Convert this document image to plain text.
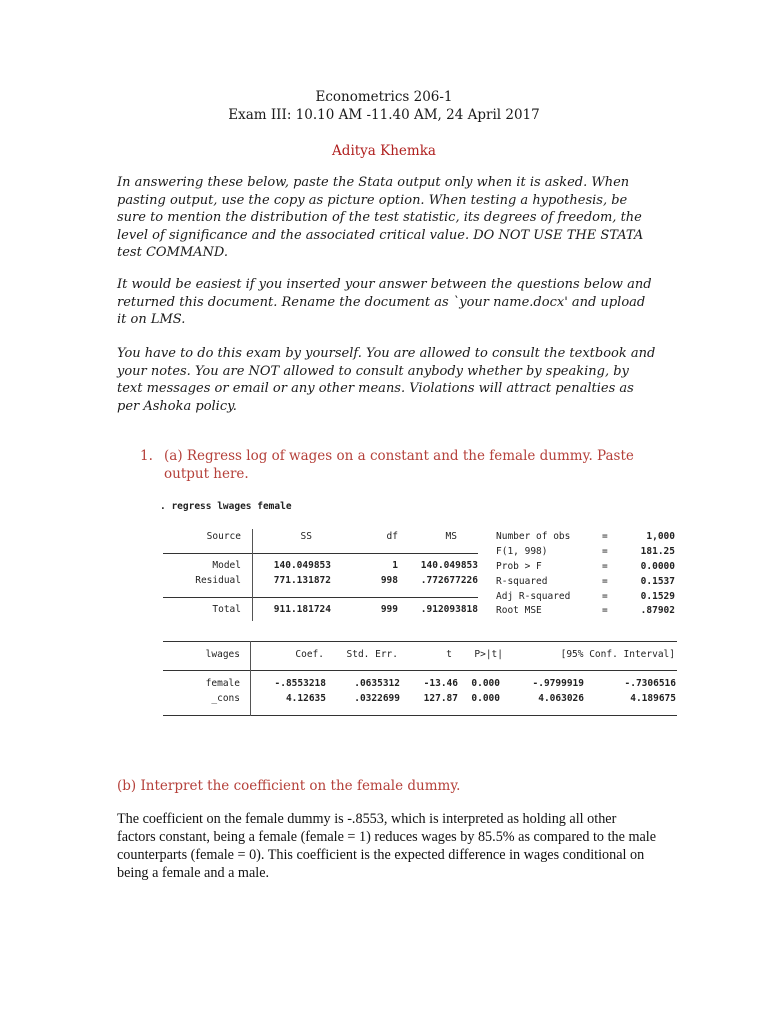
Econometrics 206-1
Exam III: 10.10 AM -11.40 AM, 24 April 2017
Aditya Khemka
In answering these below, paste the Stata output only when it is asked. When pasting output, use the copy as picture option. When testing a hypothesis, be sure to mention the distribution of the test statistic, its degrees of freedom, the level of significance and the associated critical value. DO NOT USE THE STATA test COMMAND.
It would be easiest if you inserted your answer between the questions below and returned this document. Rename the document as `your name.docx' and upload it on LMS.
You have to do this exam by yourself. You are allowed to consult the textbook and your notes. You are NOT allowed to consult anybody whether by speaking, by text messages or email or any other means. Violations will attract penalties as per Ashoka policy.
1. (a) Regress log of wages on a constant and the female dummy. Paste output here.
. regress lwages female
Source	SS	df	MS
Model	140.049853	1	140.049853
Residual	771.131872	998	.772677226
Total	911.181724	999	.912093818
Number of obs	=	1,000
F(1, 998)	=	181.25
Prob > F	=	0.0000
R-squared	=	0.1537
Adj R-squared	=	0.1529
Root MSE	=	.87902
lwages	Coef.	Std. Err.	t	P>|t|	[95% Conf. Interval]
female	-.8553218	.0635312	-13.46	0.000	-.9799919	-.7306516
_cons	4.12635	.0322699	127.87	0.000	4.063026	4.189675
(b) Interpret the coefficient on the female dummy.
The coefficient on the female dummy is -.8553, which is interpreted as holding all other factors constant, being a female (female = 1) reduces wages by 85.5% as compared to the male counterparts (female = 0). This coefficient is the expected difference in wages conditional on being a female and a male.
